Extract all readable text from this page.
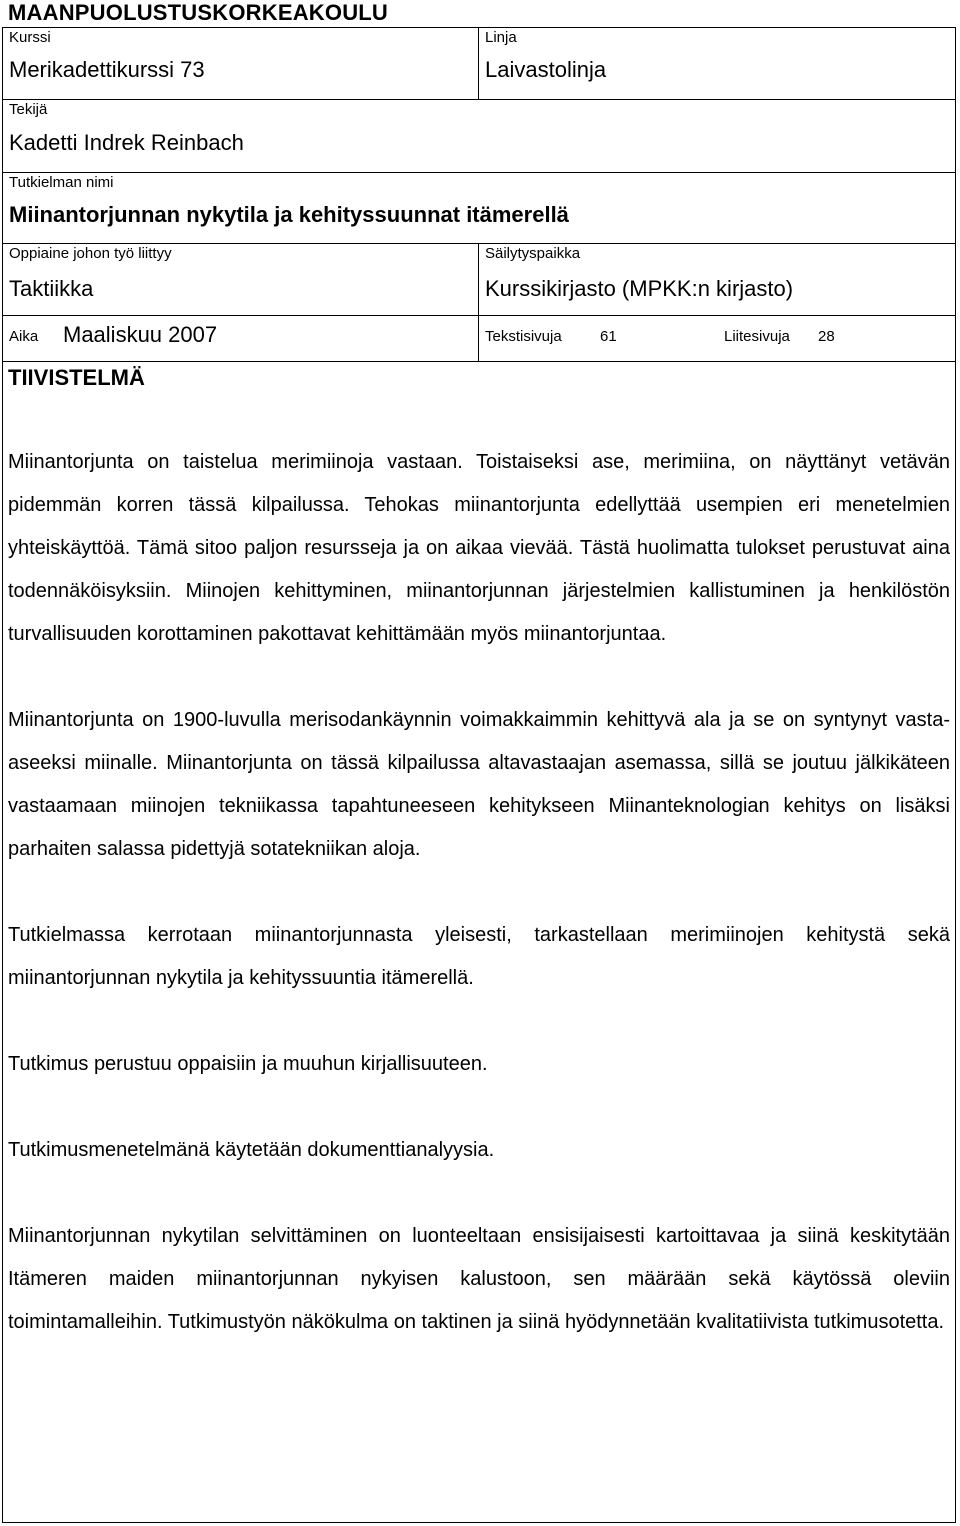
MAANPUOLUSTUSKORKEAKOULU
Kurssi
Merikadettikurssi 73
Linja
Laivastolinja
Tekijä
Kadetti Indrek Reinbach
Tutkielman nimi
Miinantorjunnan nykytila ja kehityssuunnat itämerellä
Oppiaine johon työ liittyy
Taktiikka
Säilytyspaikka
Kurssikirjasto (MPKK:n kirjasto)
Aika Maaliskuu 2007	Tekstisivuja	61	Liitesivuja 28
TIIVISTELMÄ

Miinantorjunta on taistelua merimiinoja vastaan. Toistaiseksi ase, merimiina, on näyttänyt vetävän pidemmän korren tässä kilpailussa. Tehokas miinantorjunta edellyttää usempien eri menetelmien yhteiskäyttöä. Tämä sitoo paljon resursseja ja on aikaa vievää. Tästä huolimatta tulokset perustuvat aina todennäköisyksiin. Miinojen kehittyminen, miinantorjunnan järjestelmien kallistuminen ja henkilöstön turvallisuuden korottaminen pakottavat kehittämään myös miinantorjuntaa.

Miinantorjunta on 1900-luvulla merisodankäynnin voimakkaimmin kehittyvä ala ja se on syntynyt vasta-aseeksi miinalle. Miinantorjunta on tässä kilpailussa altavastaajan asemassa, sillä se joutuu jälkikäteen vastaamaan miinojen tekniikassa tapahtuneeseen kehitykseen Miinanteknologian kehitys on lisäksi parhaiten salassa pidettyjä sotatekniikan aloja.

Tutkielmassa kerrotaan miinantorjunnasta yleisesti, tarkastellaan merimiinojen kehitystä sekä miinantorjunnan nykytila ja kehityssuuntia itämerellä.

Tutkimus perustuu oppaisiin ja muuhun kirjallisuuteen.

Tutkimusmenetelmänä käytetään dokumenttianalyysia.

Miinantorjunnan nykytilan selvittäminen on luonteeltaan ensisijaisesti kartoittavaa ja siinä keskitytään Itämeren maiden miinantorjunnan nykyisen kalustoon, sen määrään sekä käytössä oleviin toimintamalleihin. Tutkimustyön näkökulma on taktinen ja siinä hyödynnetään kvalitatiivista tutkimusotetta.
